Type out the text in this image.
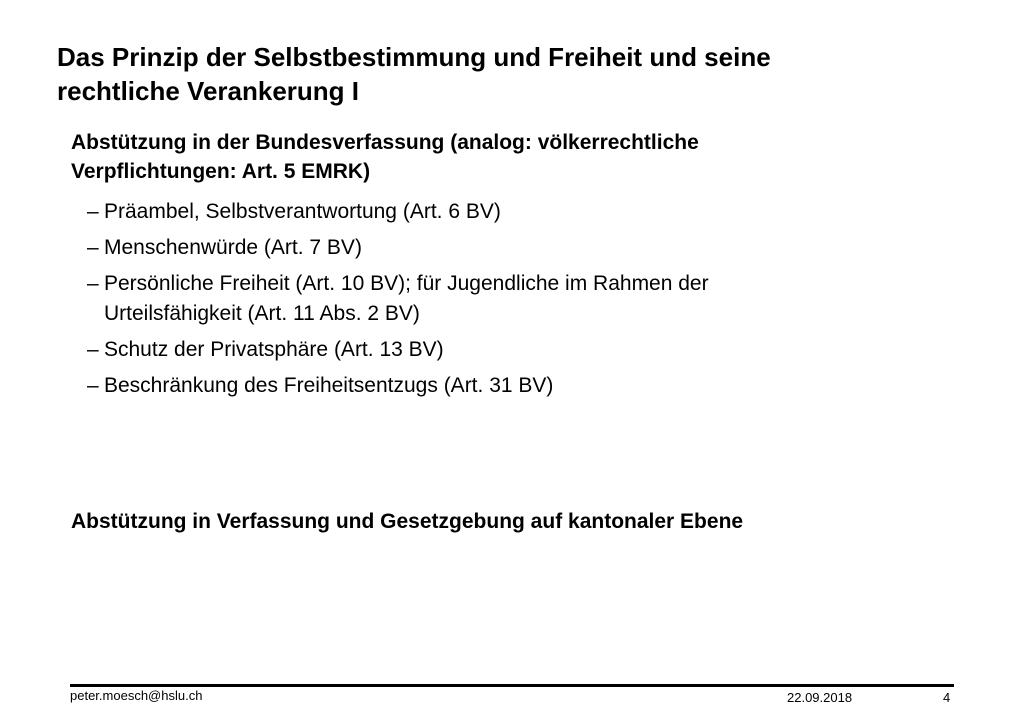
Das Prinzip der Selbstbestimmung und Freiheit und seine
rechtliche Verankerung I
Abstützung in der Bundesverfassung (analog: völkerrechtliche
Verpflichtungen: Art. 5 EMRK)
– Präambel, Selbstverantwortung (Art. 6 BV)
– Menschenwürde (Art. 7 BV)
– Persönliche Freiheit (Art. 10 BV); für Jugendliche im Rahmen der
Urteilsfähigkeit (Art. 11 Abs. 2 BV)
– Schutz der Privatsphäre (Art. 13 BV)
– Beschränkung des Freiheitsentzugs (Art. 31 BV)
Abstützung in Verfassung und Gesetzgebung auf kantonaler Ebene
peter.moesch@hslu.ch	22.09.2018	4
